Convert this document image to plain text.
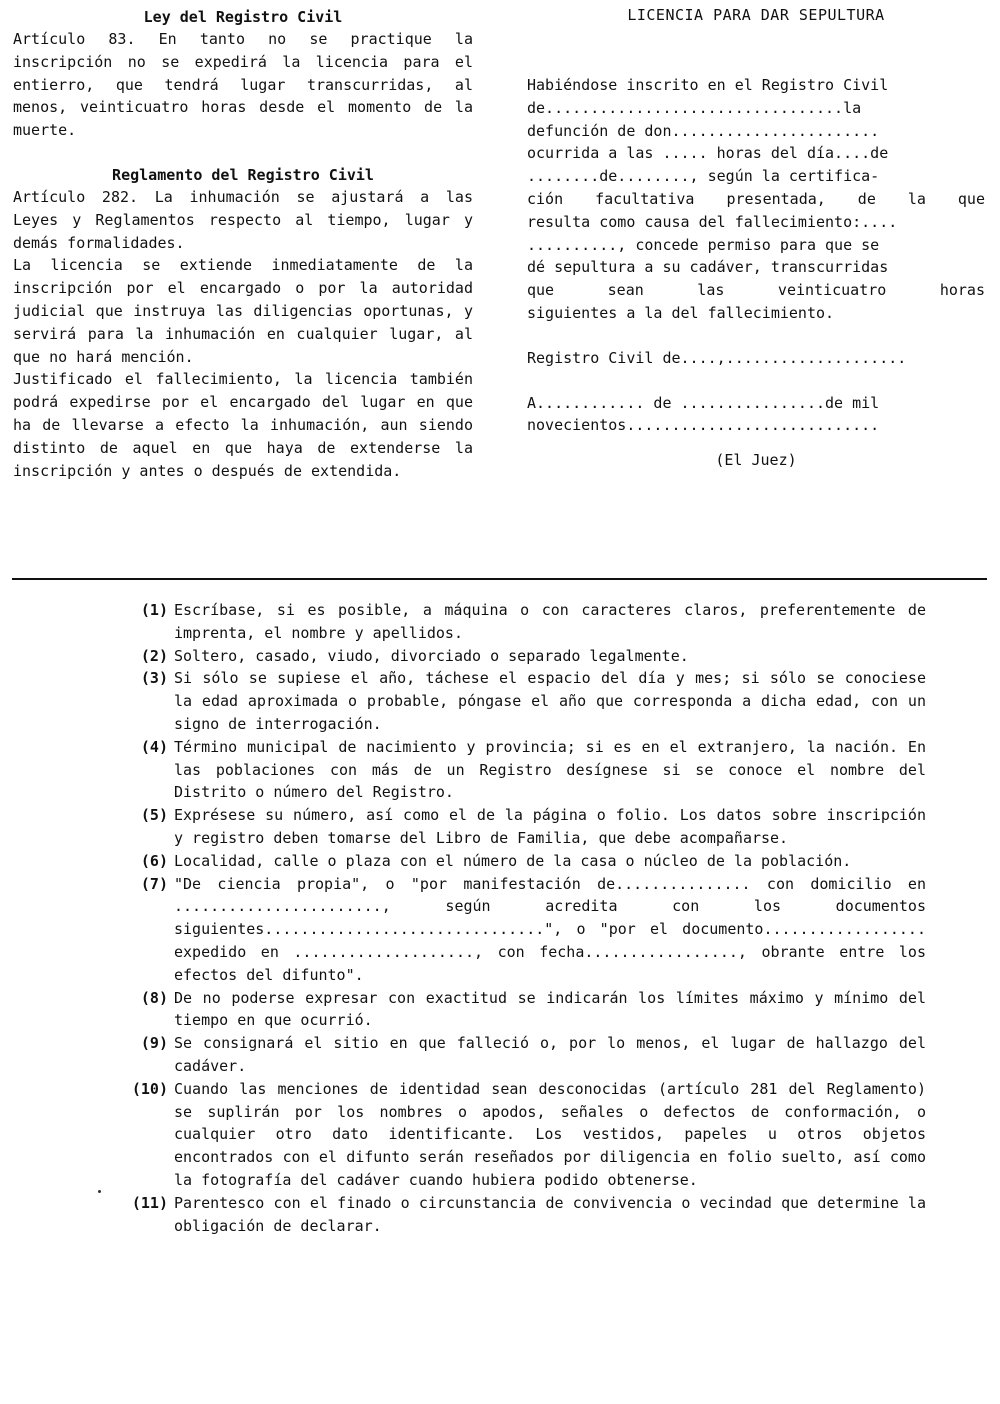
Ley del Registro Civil

Artículo 83. En tanto no se practique la inscripción no se expedirá la licencia para el entierro, que tendrá lugar transcurridas, al menos, veinticuatro horas desde el momento de la muerte.

Reglamento del Registro Civil

Artículo 282. La inhumación se ajustará a las Leyes y Reglamentos respecto al tiempo, lugar y demás formalidades.

La licencia se extiende inmediatamente de la inscripción por el encargado o por la autoridad judicial que instruya las diligencias oportunas, y servirá para la inhumación en cualquier lugar, al que no hará mención.

Justificado el fallecimiento, la licencia también podrá expedirse por el encargado del lugar en que ha de llevarse a efecto la inhumación, aun siendo distinto de aquel en que haya de extenderse la inscripción y antes o después de extendida.

LICENCIA PARA DAR SEPULTURA
Habiéndose inscrito en el Registro Civil
de.................................la
defunción de don.......................
ocurrida a las ..... horas del día....de
........de........, según la certifica-
ción facultativa presentada, de la que
resulta como causa del fallecimiento:....
.........., concede permiso para que se
dé sepultura a su cadáver, transcurridas
que sean las veinticuatro horas
siguientes a la del fallecimiento.
Registro Civil de....,....................
A............ de ................de mil
novecientos............................
(El Juez)
(1) Escríbase, si es posible, a máquina o con caracteres claros, preferentemente de imprenta, el nombre y apellidos.
(2) Soltero, casado, viudo, divorciado o separado legalmente.
(3) Si sólo se supiese el año, táchese el espacio del día y mes; si sólo se conociese la edad aproximada o probable, póngase el año que corresponda a dicha edad, con un signo de interrogación.
(4) Término municipal de nacimiento y provincia; si es en el extranjero, la nación. En las poblaciones con más de un Registro desígnese si se conoce el nombre del Distrito o número del Registro.
(5) Exprésese su número, así como el de la página o folio. Los datos sobre inscripción y registro deben tomarse del Libro de Familia, que debe acompañarse.
(6) Localidad, calle o plaza con el número de la casa o núcleo de la población.
(7) "De ciencia propia", o "por manifestación de............... con domicilio en ......................., según acredita con los documentos siguientes...............................", o "por el documento.................. expedido en ...................., con fecha................., obrante entre los efectos del difunto".
(8) De no poderse expresar con exactitud se indicarán los límites máximo y mínimo del tiempo en que ocurrió.
(9) Se consignará el sitio en que falleció o, por lo menos, el lugar de hallazgo del cadáver.
(10) Cuando las menciones de identidad sean desconocidas (artículo 281 del Reglamento) se suplirán por los nombres o apodos, señales o defectos de conformación, o cualquier otro dato identificante. Los vestidos, papeles u otros objetos encontrados con el difunto serán reseñados por diligencia en folio suelto, así como la fotografía del cadáver cuando hubiera podido obtenerse.
(11) Parentesco con el finado o circunstancia de convivencia o vecindad que determine la obligación de declarar.
